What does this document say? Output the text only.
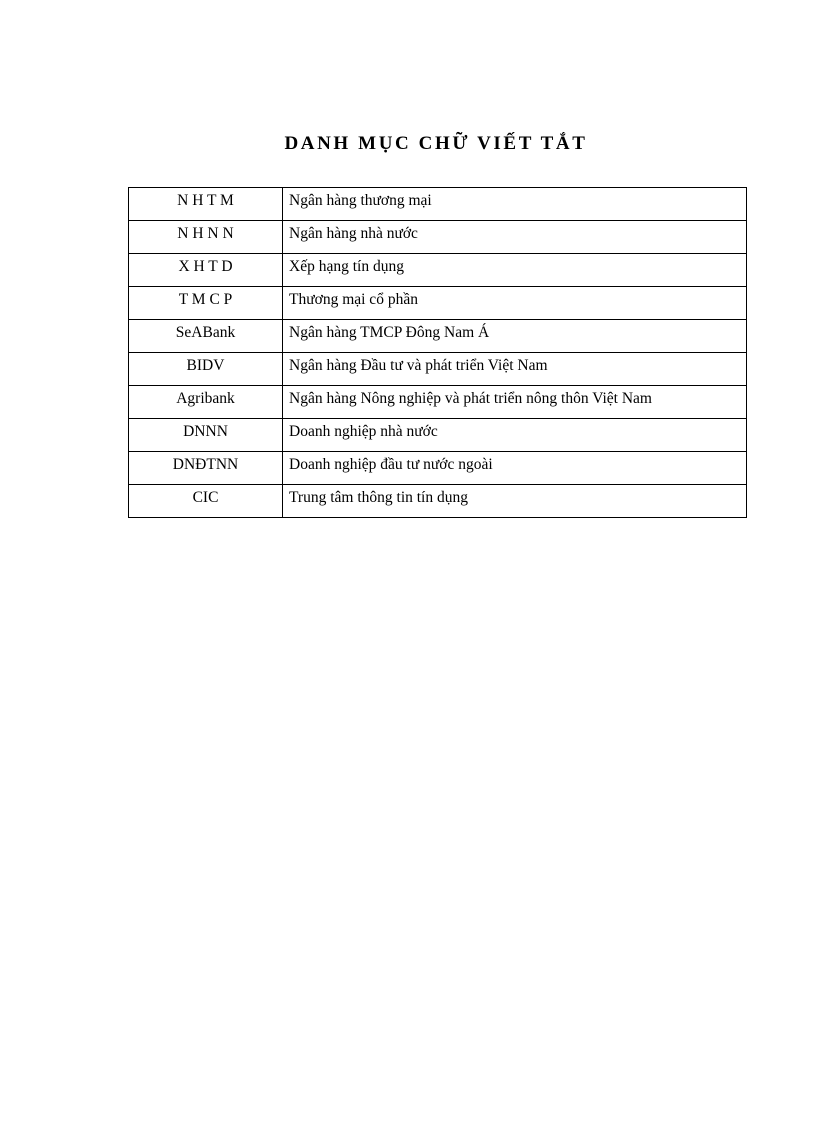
DANH MỤC CHỮ VIẾT TẮT
N H T M	Ngân hàng thương mại
N H N N	Ngân hàng nhà nước
X H T D	Xếp hạng tín dụng
T M C P	Thương mại cổ phần
SeABank	Ngân hàng TMCP Đông Nam Á
BIDV	Ngân hàng Đầu tư và phát triển Việt Nam
Agribank	Ngân hàng Nông nghiệp và phát triển nông thôn Việt Nam
DNNN	Doanh nghiệp nhà nước
DNĐTNN	Doanh nghiệp đầu tư nước ngoài
CIC	Trung tâm thông tin tín dụng
